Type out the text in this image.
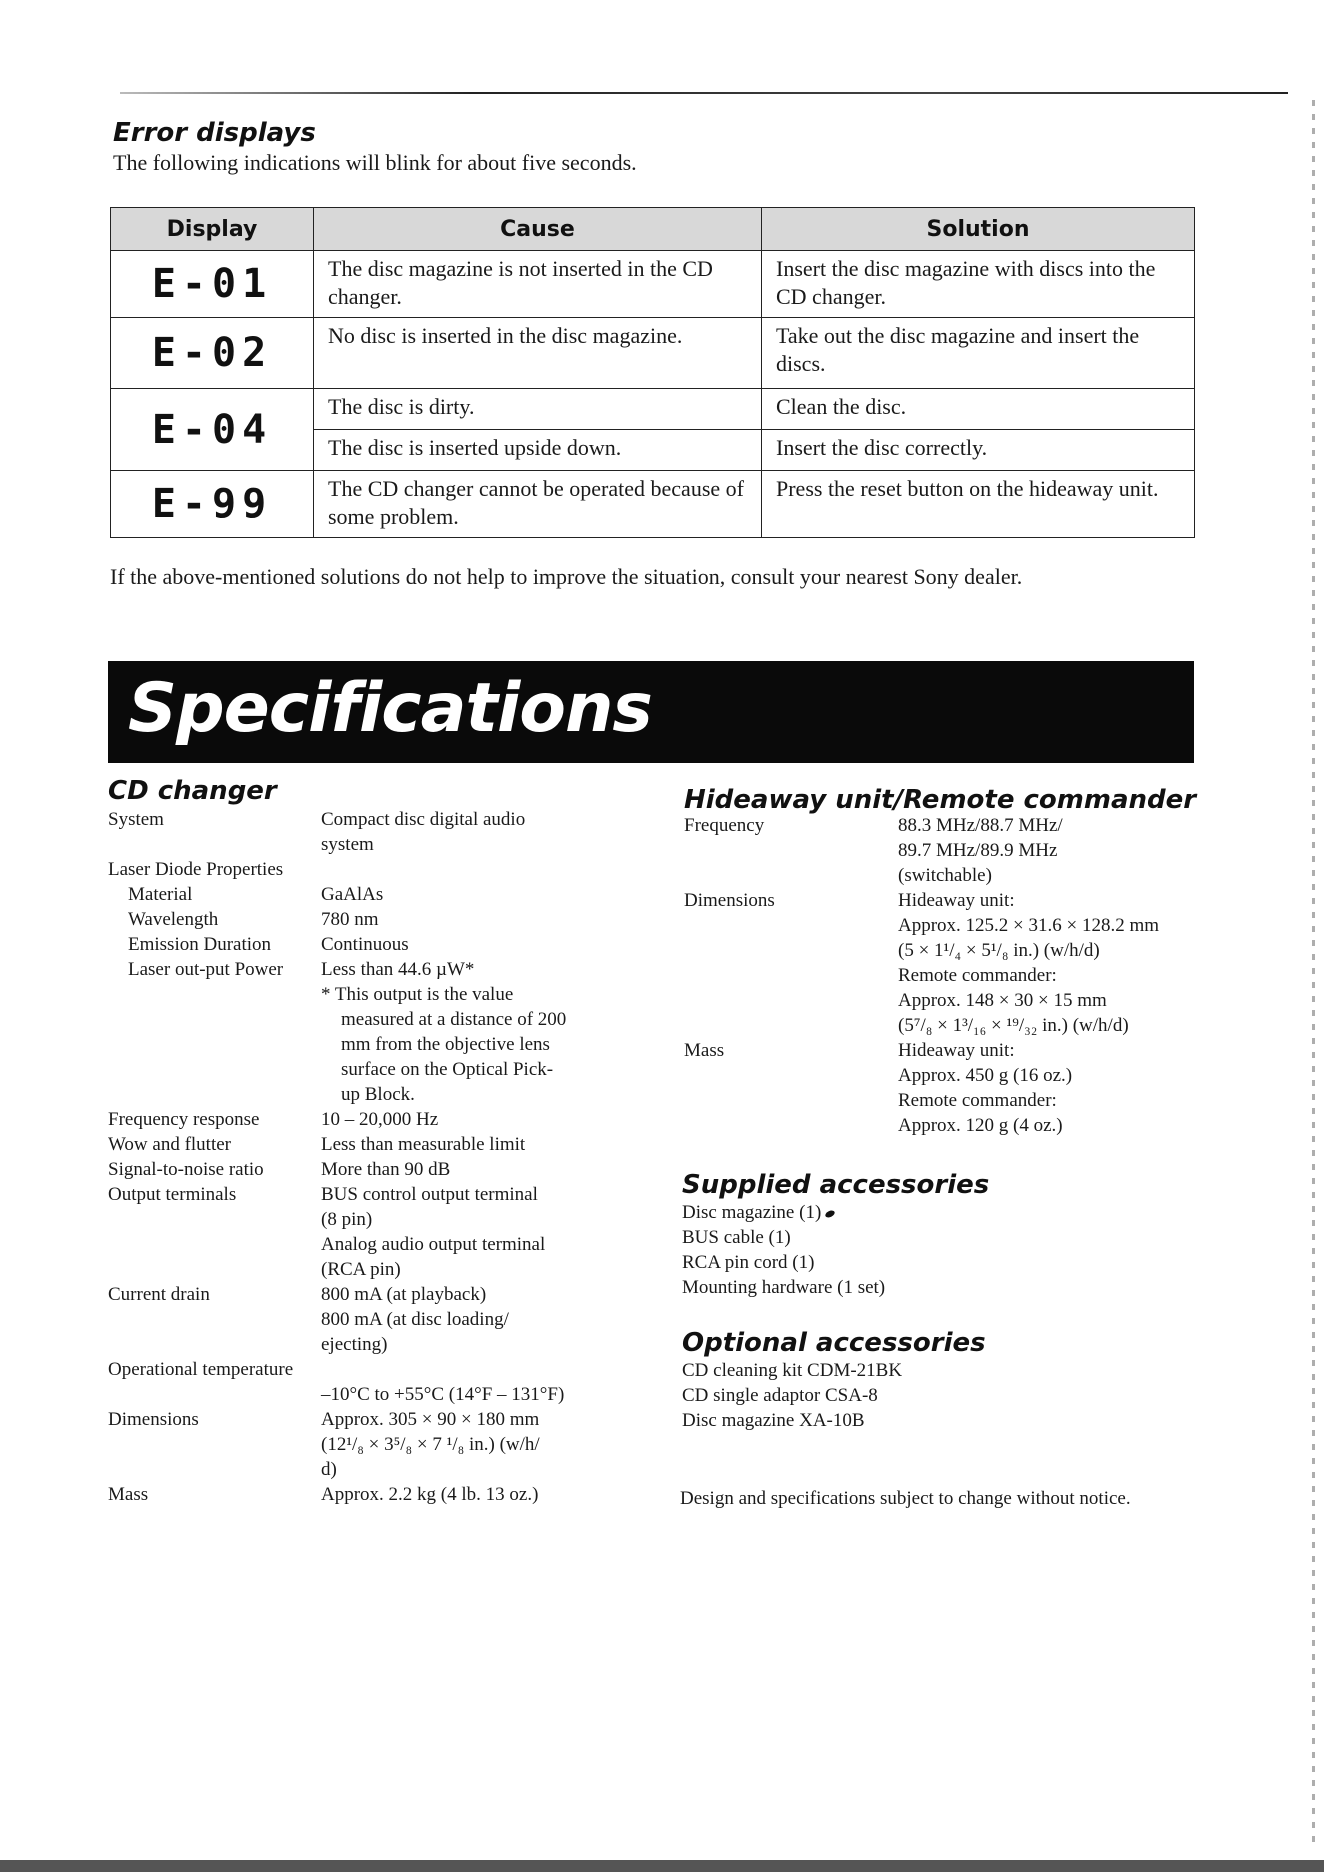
Error displays

The following indications will blink for about five seconds.

Display	Cause	Solution
E-01	The disc magazine is not inserted in the CD changer.	Insert the disc magazine with discs into the CD changer.
E-02	No disc is inserted in the disc magazine.	Take out the disc magazine and insert the discs.
E-04	The disc is dirty.	Clean the disc.
	The disc is inserted upside down.	Insert the disc correctly.
E-99	The CD changer cannot be operated because of some problem.	Press the reset button on the hideaway unit.

If the above-mentioned solutions do not help to improve the situation, consult your nearest Sony dealer.

Specifications
CD changer
System	Compact disc digital audio
system
Laser Diode Properties
Material	GaAlAs
Wavelength	780 nm
Emission Duration	Continuous
Laser out-put Power	Less than 44.6 µW*
* This output is the value
measured at a distance of 200
mm from the objective lens
surface on the Optical Pick-
up Block.
Frequency response	10 – 20,000 Hz
Wow and flutter	Less than measurable limit
Signal-to-noise ratio	More than 90 dB
Output terminals	BUS control output terminal
(8 pin)
Analog audio output terminal
(RCA pin)
Current drain	800 mA (at playback)
800 mA (at disc loading/
ejecting)
Operational temperature
–10°C to +55°C (14°F – 131°F)
Dimensions	Approx. 305 × 90 × 180 mm
(12¹/₈ × 3⁵/₈ × 7 ¹/₈ in.) (w/h/
d)
Mass	Approx. 2.2 kg (4 lb. 13 oz.)
Hideaway unit/Remote commander
Frequency	88.3 MHz/88.7 MHz/
89.7 MHz/89.9 MHz
(switchable)
Dimensions	Hideaway unit:
Approx. 125.2 × 31.6 × 128.2 mm
(5 × 1¹/₄ × 5¹/₈ in.) (w/h/d)
Remote commander:
Approx. 148 × 30 × 15 mm
(5⁷/₈ × 1³/₁₆ × ¹⁹/₃₂ in.) (w/h/d)
Mass	Hideaway unit:
Approx. 450 g (16 oz.)
Remote commander:
Approx. 120 g (4 oz.)
Supplied accessories
Disc magazine (1)
BUS cable (1)
RCA pin cord (1)
Mounting hardware (1 set)
Optional accessories
CD cleaning kit CDM-21BK
CD single adaptor CSA-8
Disc magazine XA-10B

Design and specifications subject to change without notice.
